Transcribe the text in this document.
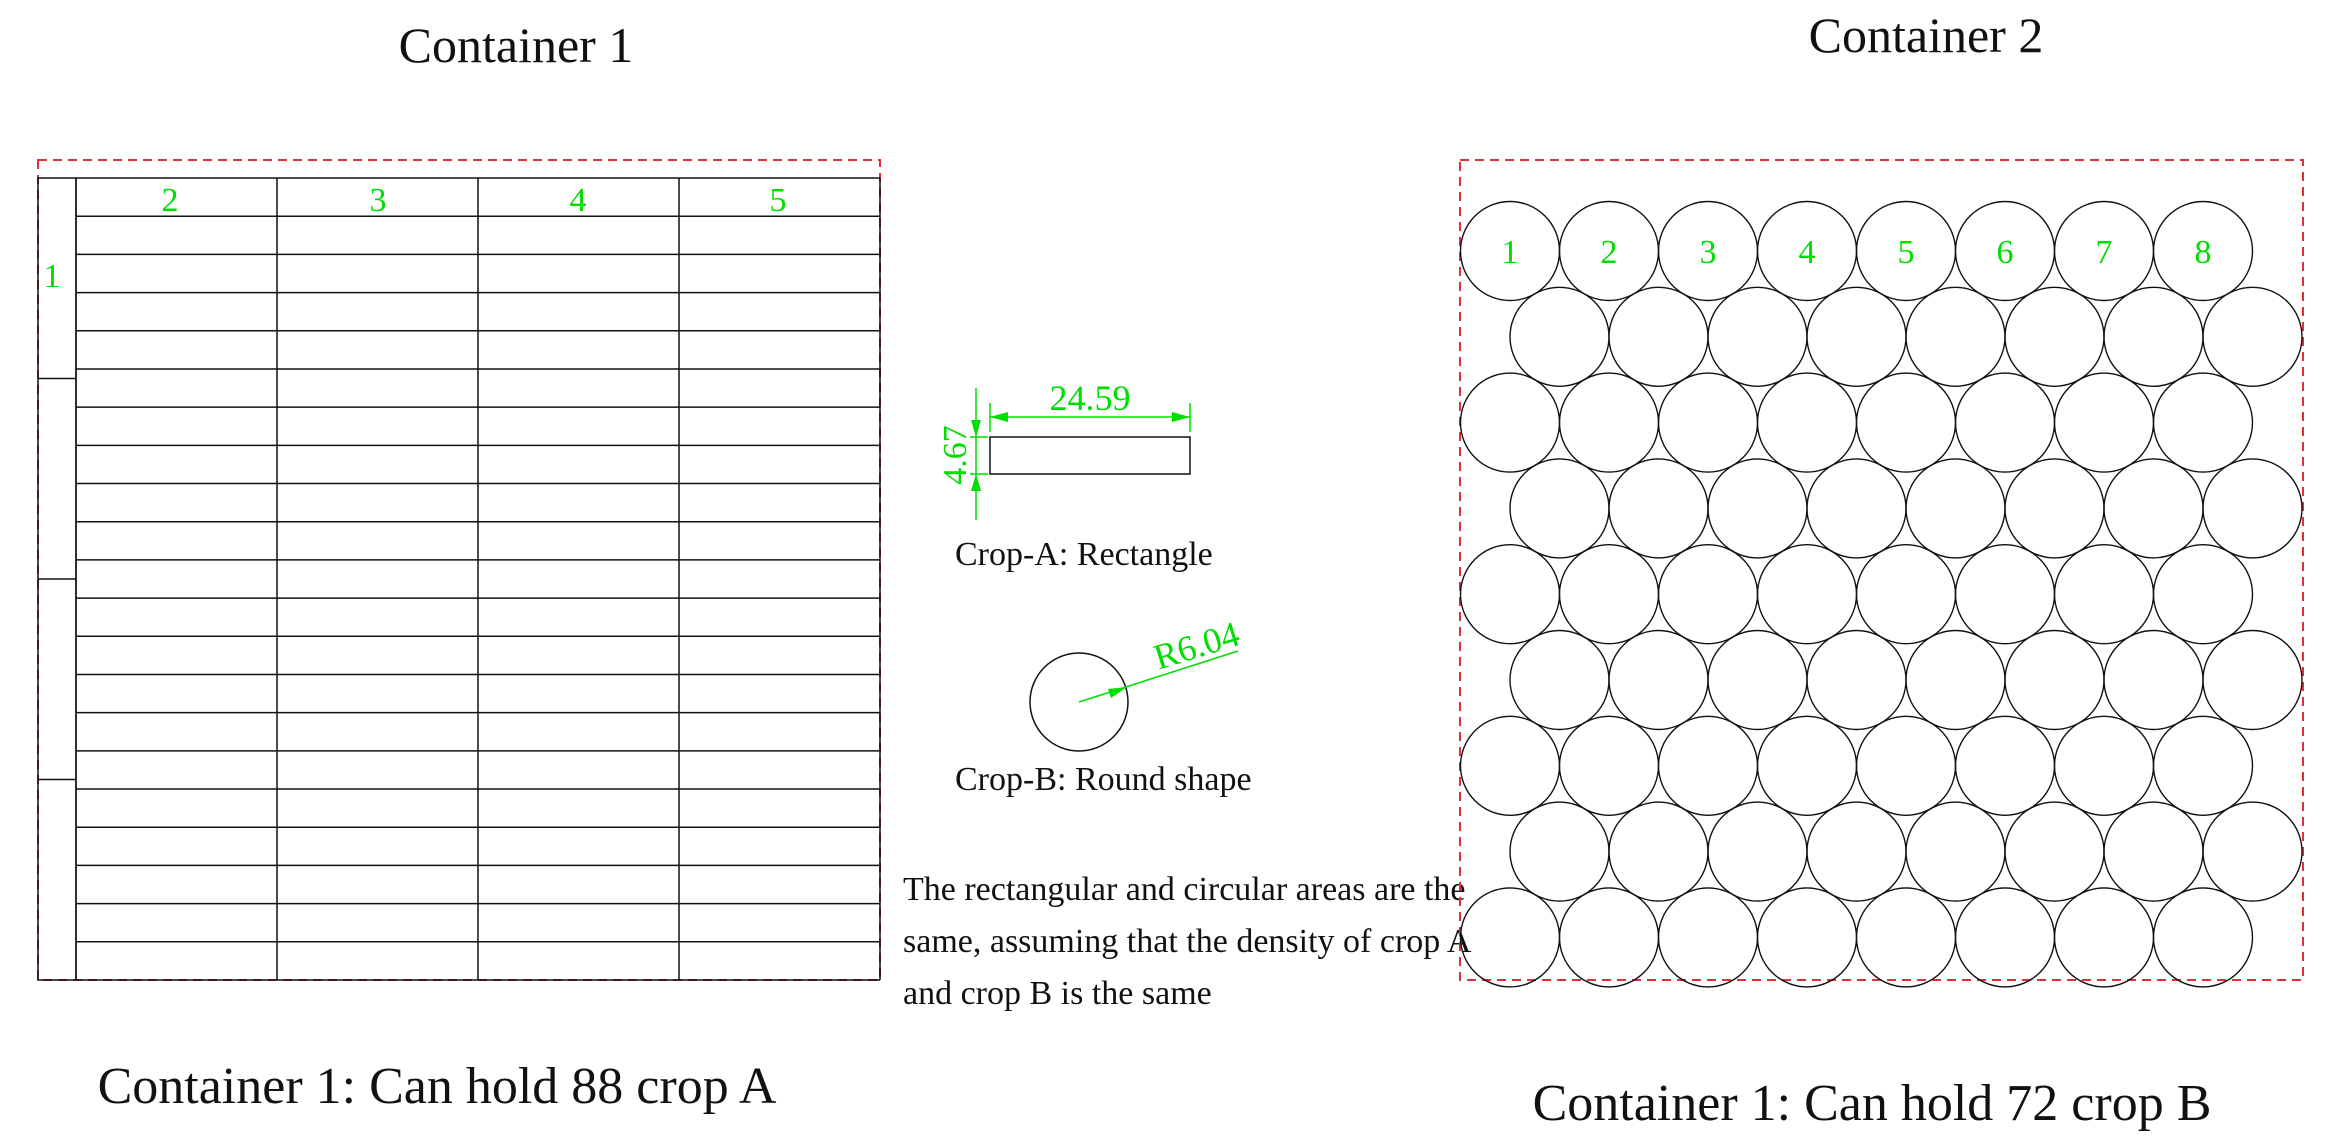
Container 1
1
2	3	4	5
Container 1: Can hold 88 crop A
24.59
4.67
Crop-A: Rectangle
R6.04
Crop-B: Round shape
The rectangular and circular areas are the
same, assuming that the density of crop A
and crop B is the same
Container 2
1 2 3 4 5 6 7 8
Container 1: Can hold 72 crop B
